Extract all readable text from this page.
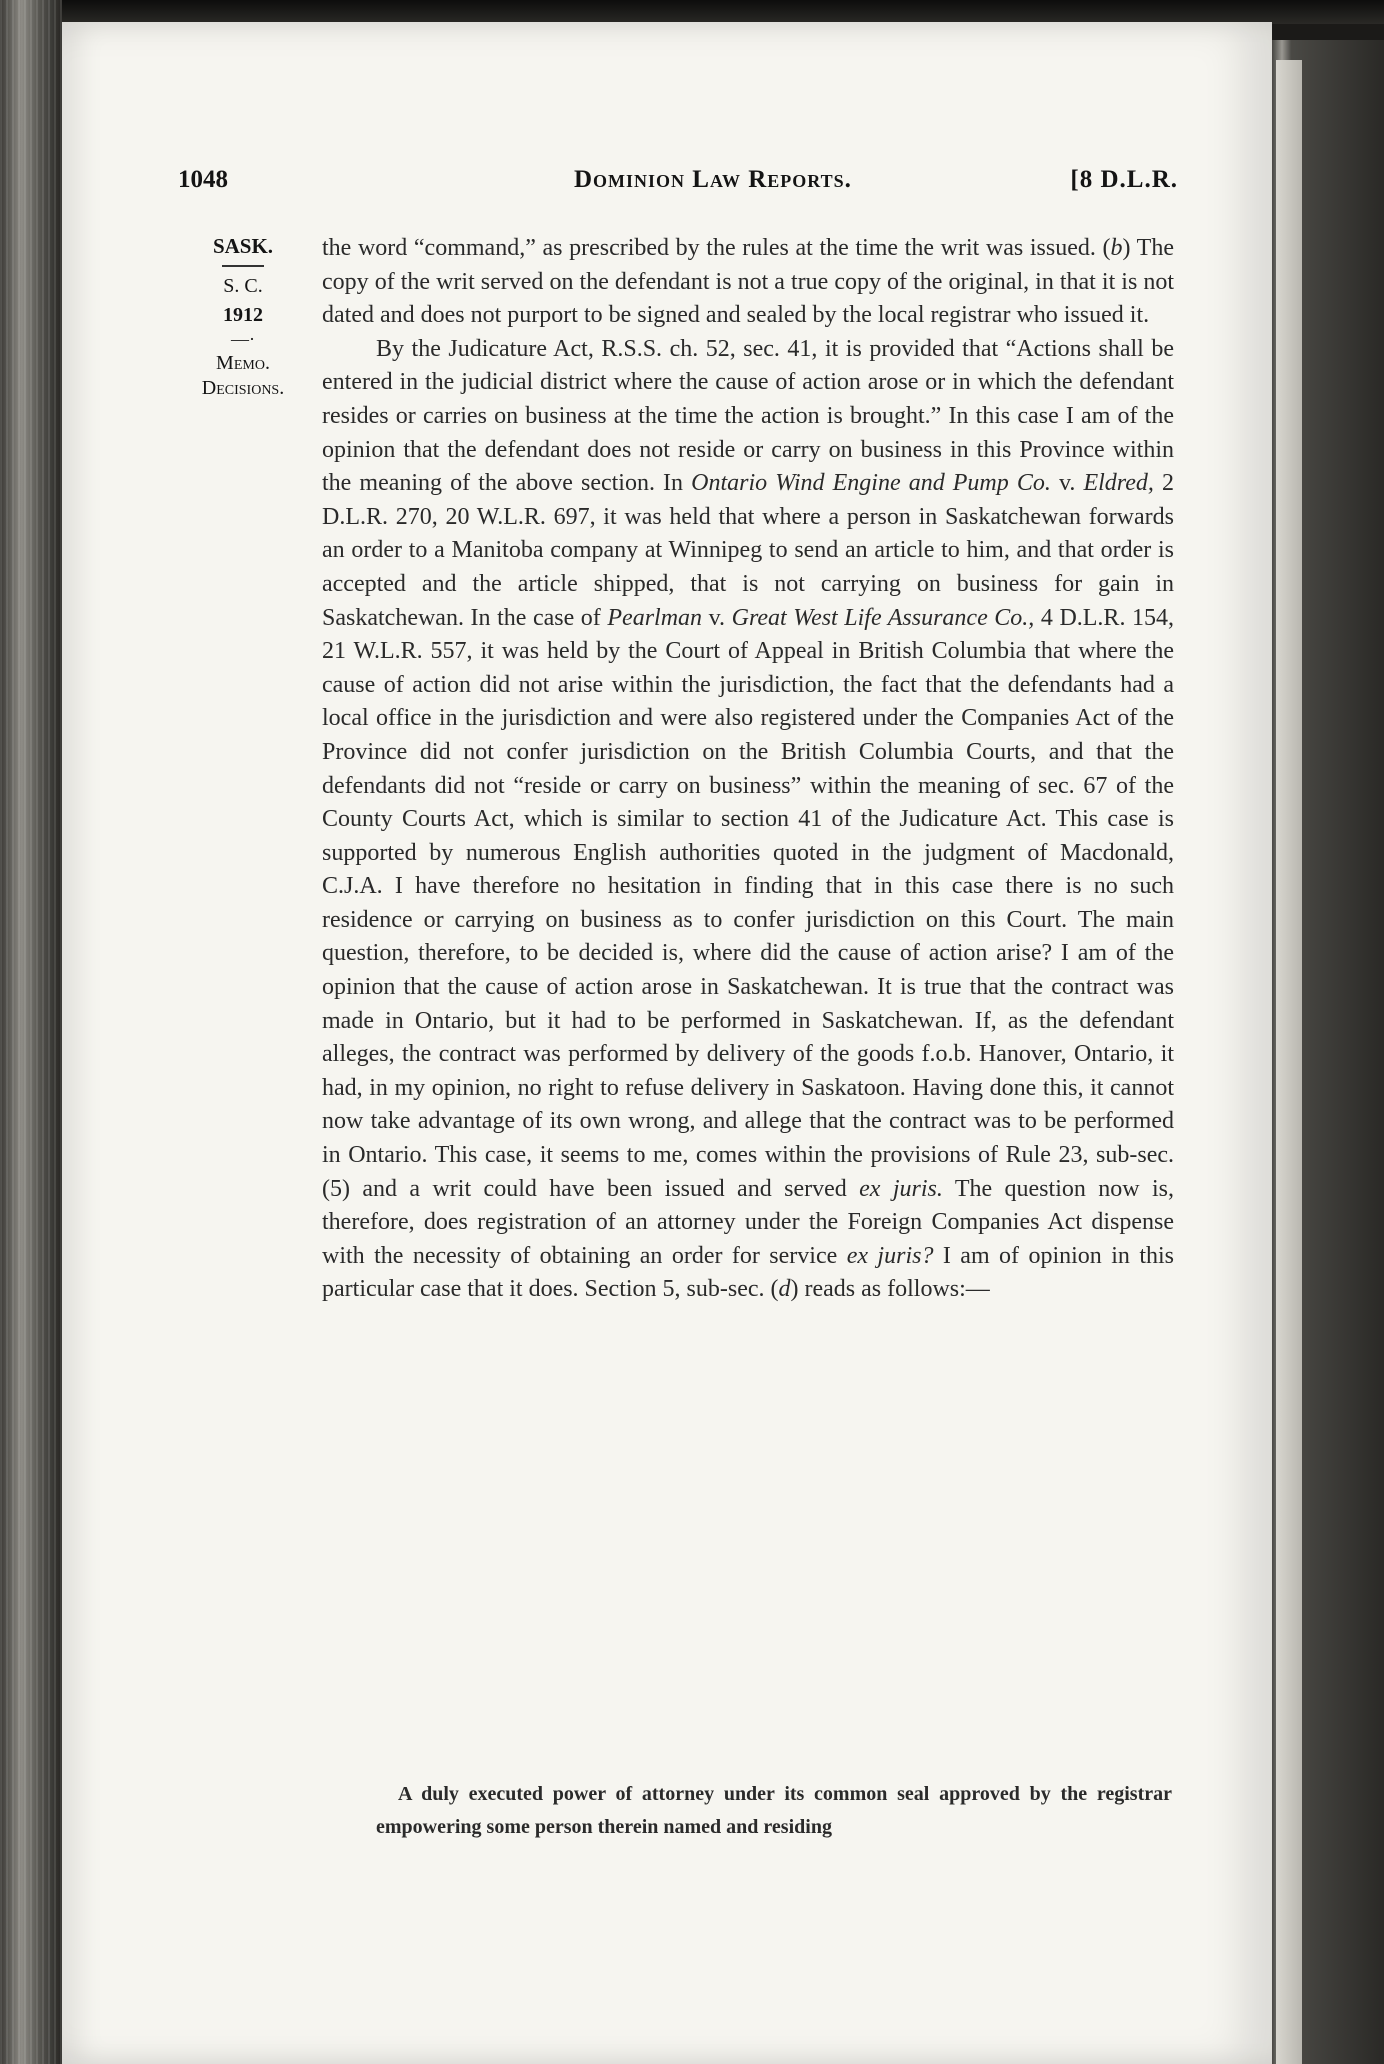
1048	Dominion Law Reports.	[8 D.L.R.
SASK.
S. C.
1912
—·
Memo.
Decisions.

the word “command,” as prescribed by the rules at the time the writ was issued. (b) The copy of the writ served on the defendant is not a true copy of the original, in that it is not dated and does not purport to be signed and sealed by the local registrar who issued it.

By the Judicature Act, R.S.S. ch. 52, sec. 41, it is provided that “Actions shall be entered in the judicial district where the cause of action arose or in which the defendant resides or carries on business at the time the action is brought.” In this case I am of the opinion that the defendant does not reside or carry on business in this Province within the meaning of the above section. In Ontario Wind Engine and Pump Co. v. Eldred, 2 D.L.R. 270, 20 W.L.R. 697, it was held that where a person in Saskatchewan forwards an order to a Manitoba company at Winnipeg to send an article to him, and that order is accepted and the article shipped, that is not carrying on business for gain in Saskatchewan. In the case of Pearlman v. Great West Life Assurance Co., 4 D.L.R. 154, 21 W.L.R. 557, it was held by the Court of Appeal in British Columbia that where the cause of action did not arise within the jurisdiction, the fact that the defendants had a local office in the jurisdiction and were also registered under the Companies Act of the Province did not confer jurisdiction on the British Columbia Courts, and that the defendants did not “reside or carry on business” within the meaning of sec. 67 of the County Courts Act, which is similar to section 41 of the Judicature Act. This case is supported by numerous English authorities quoted in the judgment of Macdonald, C.J.A. I have therefore no hesitation in finding that in this case there is no such residence or carrying on business as to confer jurisdiction on this Court. The main question, therefore, to be decided is, where did the cause of action arise? I am of the opinion that the cause of action arose in Saskatchewan. It is true that the contract was made in Ontario, but it had to be performed in Saskatchewan. If, as the defendant alleges, the contract was performed by delivery of the goods f.o.b. Hanover, Ontario, it had, in my opinion, no right to refuse delivery in Saskatoon. Having done this, it cannot now take advantage of its own wrong, and allege that the contract was to be performed in Ontario. This case, it seems to me, comes within the provisions of Rule 23, sub-sec. (5) and a writ could have been issued and served ex juris. The question now is, therefore, does registration of an attorney under the Foreign Companies Act dispense with the necessity of obtaining an order for service ex juris? I am of opinion in this particular case that it does. Section 5, sub-sec. (d) reads as follows:—

A duly executed power of attorney under its common seal approved by the registrar empowering some person therein named and residing
